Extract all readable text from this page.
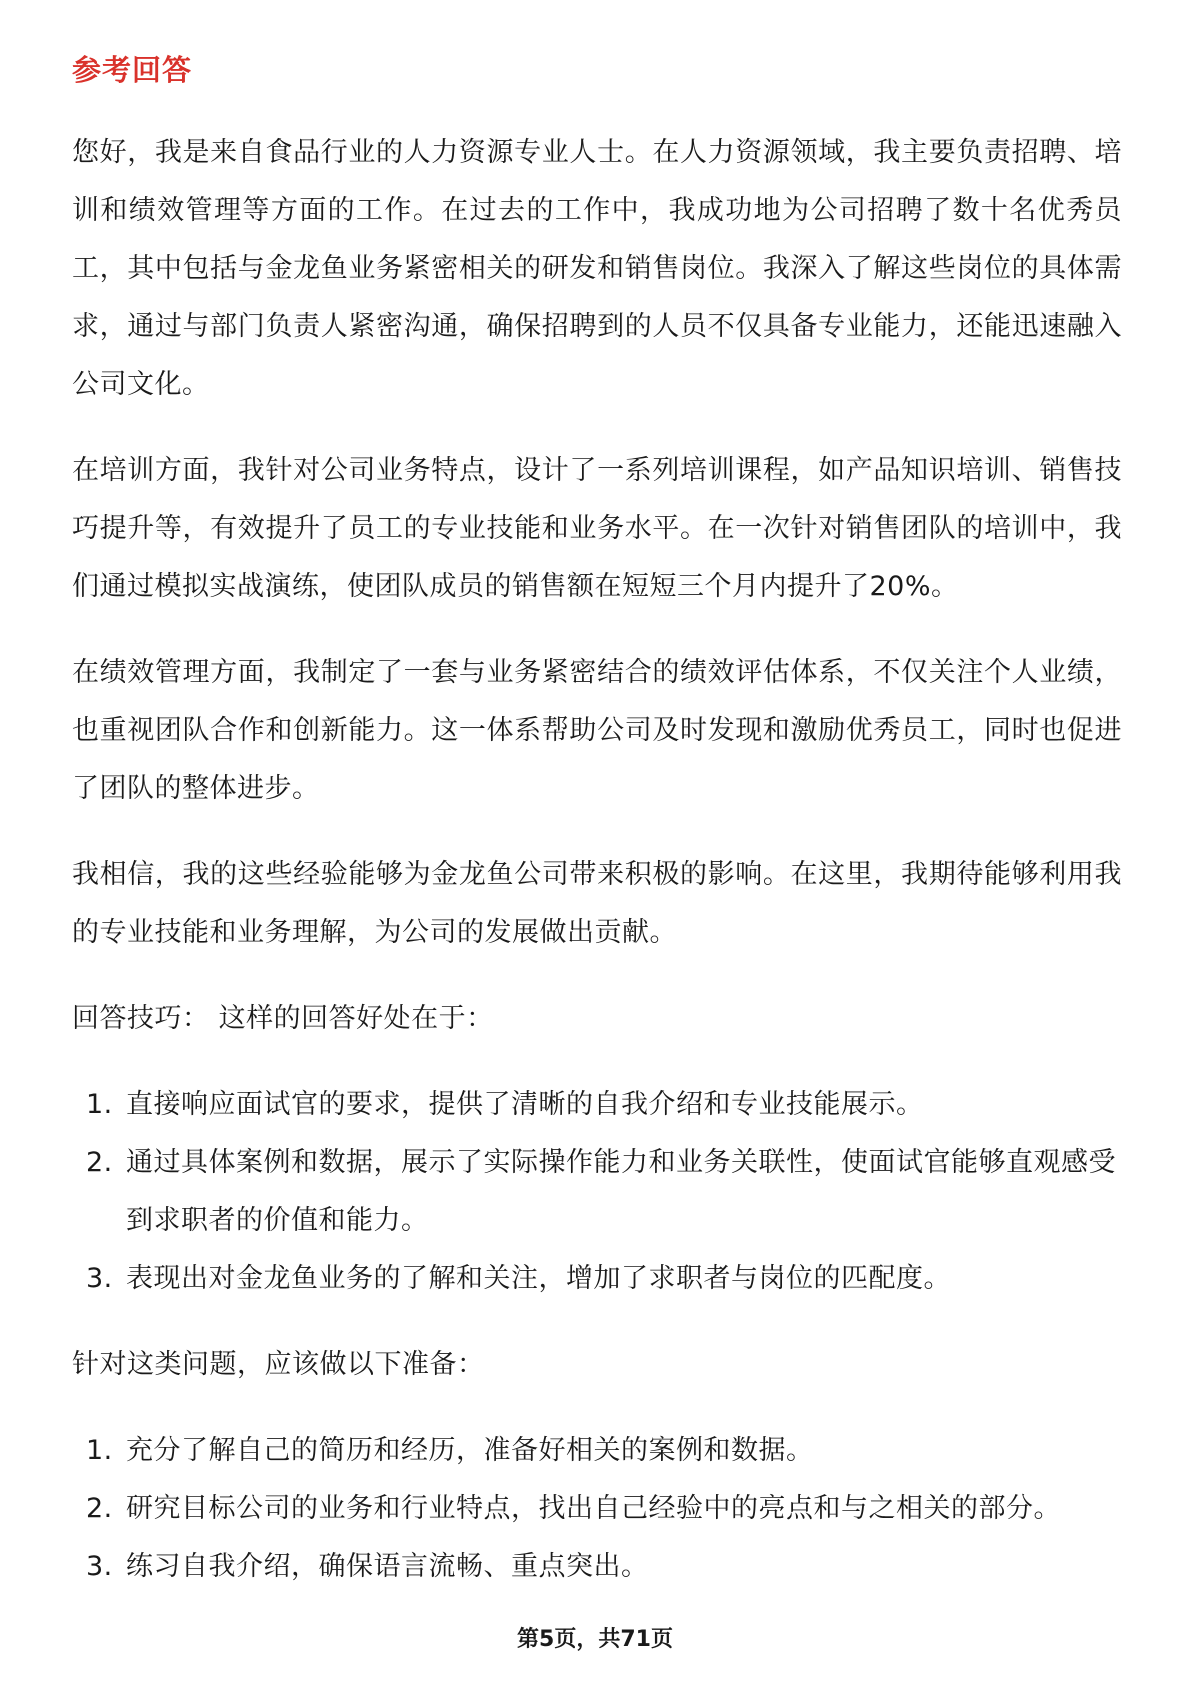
参考回答

您好，我是来自食品行业的人力资源专业人士。在人力资源领域，我主要负责招聘、培训和绩效管理等方面的工作。在过去的工作中，我成功地为公司招聘了数十名优秀员工，其中包括与金龙鱼业务紧密相关的研发和销售岗位。我深入了解这些岗位的具体需求，通过与部门负责人紧密沟通，确保招聘到的人员不仅具备专业能力，还能迅速融入公司文化。

在培训方面，我针对公司业务特点，设计了一系列培训课程，如产品知识培训、销售技巧提升等，有效提升了员工的专业技能和业务水平。在一次针对销售团队的培训中，我们通过模拟实战演练，使团队成员的销售额在短短三个月内提升了20%。

在绩效管理方面，我制定了一套与业务紧密结合的绩效评估体系，不仅关注个人业绩，也重视团队合作和创新能力。这一体系帮助公司及时发现和激励优秀员工，同时也促进了团队的整体进步。

我相信，我的这些经验能够为金龙鱼公司带来积极的影响。在这里，我期待能够利用我的专业技能和业务理解，为公司的发展做出贡献。

回答技巧： 这样的回答好处在于：
1. 直接响应面试官的要求，提供了清晰的自我介绍和专业技能展示。
2. 通过具体案例和数据，展示了实际操作能力和业务关联性，使面试官能够直观感受到求职者的价值和能力。
3. 表现出对金龙鱼业务的了解和关注，增加了求职者与岗位的匹配度。
针对这类问题，应该做以下准备：
1. 充分了解自己的简历和经历，准备好相关的案例和数据。
2. 研究目标公司的业务和行业特点，找出自己经验中的亮点和与之相关的部分。
3. 练习自我介绍，确保语言流畅、重点突出。
第5页，共71页
